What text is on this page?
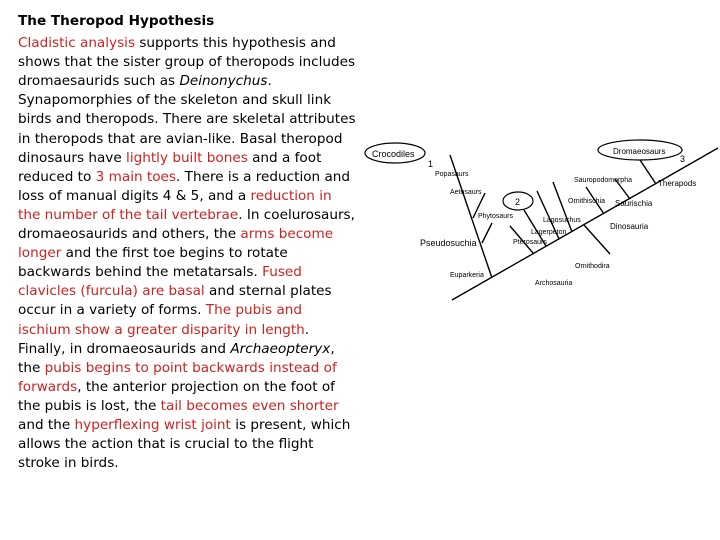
The Theropod Hypothesis

Cladistic analysis supports this hypothesis and shows that the sister group of theropods includes dromaesaurids such as Deinonychus. Synapomorphies of the skeleton and skull link birds and theropods. There are skeletal attributes in theropods that are avian-like. Basal theropod dinosaurs have lightly built bones and a foot reduced to 3 main toes. There is a reduction and loss of manual digits 4 & 5, and a reduction in the number of the tail vertebrae. In coelurosaurs, dromaeosaurids and others, the arms become longer and the first toe begins to rotate backwards behind the metatarsals. Fused clavicles (furcula) are basal and sternal plates occur in a variety of forms. The pubis and ischium show a greater disparity in length. Finally, in dromaeosaurids and Archaeopteryx, the pubis begins to point backwards instead of forwards, the anterior projection on the foot of the pubis is lost, the tail becomes even shorter and the hyperflexing wrist joint is present, which allows the action that is crucial to the flight stroke in birds.

Crocodiles
1
2
3
Popasaurs
Aetosaurs
Phytosaurs
Pseudosuchia
Euparkeria
Archosauria
Ornithodira
Pterosaurs
Lagerpeton
Lagosuchus
Dinosauria
Ornithischia Saurischia
Sauropodomorpha	Therapods
Dromaeosaurs
